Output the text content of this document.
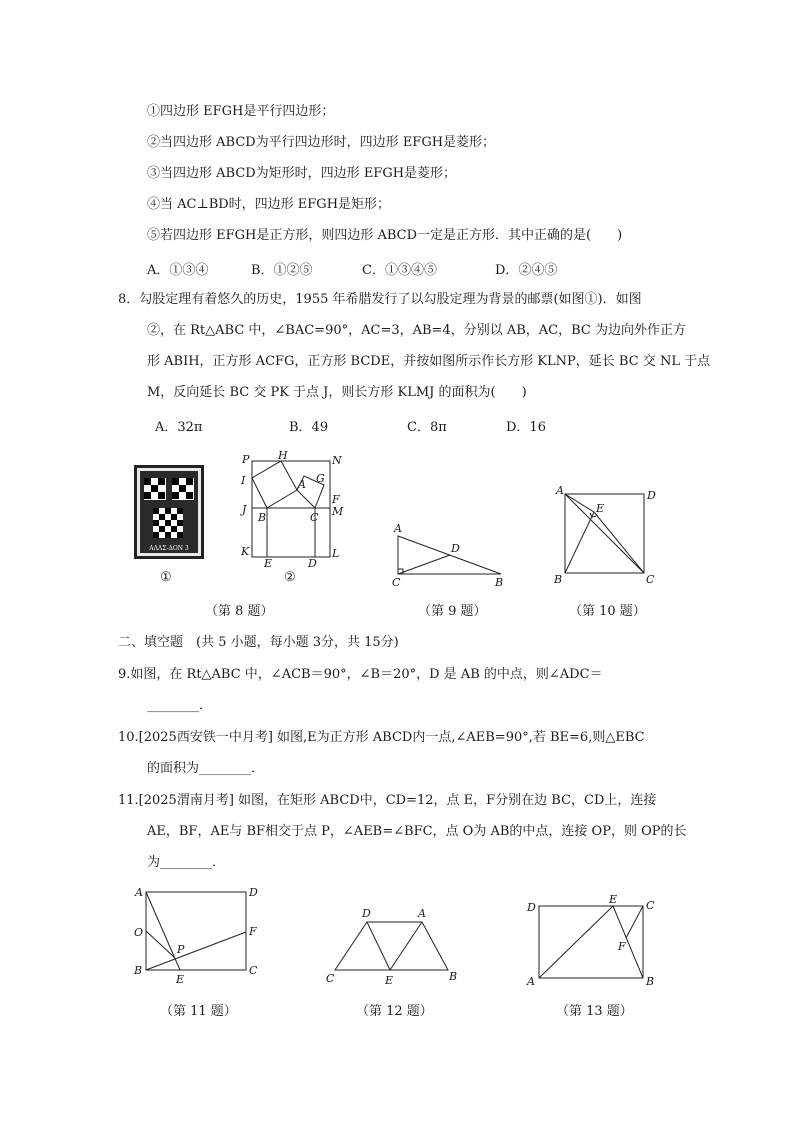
①四边形 EFGH是平行四边形；
②当四边形 ABCD为平行四边形时，四边形 EFGH是菱形；
③当四边形 ABCD为矩形时，四边形 EFGH是菱形；
④当 AC⊥BD时，四边形 EFGH是矩形；
⑤若四边形 EFGH是正方形，则四边形 ABCD一定是正方形．其中正确的是(　　)
A．①③④	B．①②⑤	C．①③④⑤	D．②④⑤
8．勾股定理有着悠久的历史，1955 年希腊发行了以勾股定理为背景的邮票(如图①)．如图
②，在 Rt△ABC 中，∠BAC=90°，AC=3，AB=4，分别以 AB，AC，BC 为边向外作正方
形 ABIH，正方形 ACFG，正方形 BCDE，并按如图所示作长方形 KLNP，延长 BC 交 NL 于点
M，反向延长 BC 交 PK 于点 J，则长方形 KLMJ 的面积为(　　)
A．32π	B．49	C．8π	D．16
ΑΛΛΣ-ΔΟΝ 3
①
P	H	N
I	A G
F
J
B	C M
K
E	D
L
②
（第 8 题）
A
D
C	B
（第 9 题）
A
E
D
B	C
（第 10 题）
二、填空题　(共 5 小题，每小题 3分，共 15分)
9.如图，在 Rt△ABC 中，∠ACB＝90°，∠B＝20°，D 是 AB 的中点，则∠ADC＝
________．
10.[2025西安铁一中月考] 如图,E为正方形 ABCD内一点,∠AEB=90°,若 BE=6,则△EBC
的面积为________．
11.[2025渭南月考] 如图，在矩形 ABCD中，CD=12，点 E，F分别在边 BC，CD上，连接
AE，BF，AE与 BF相交于点 P，∠AEB=∠BFC，点 O为 AB的中点，连接 OP，则 OP的长
为________．
A	D
O
P
F
B
E
C
（第 11 题）
D	A
C	E	B
（第 12 题）
D
E	C
F
A	B
（第 13 题）
